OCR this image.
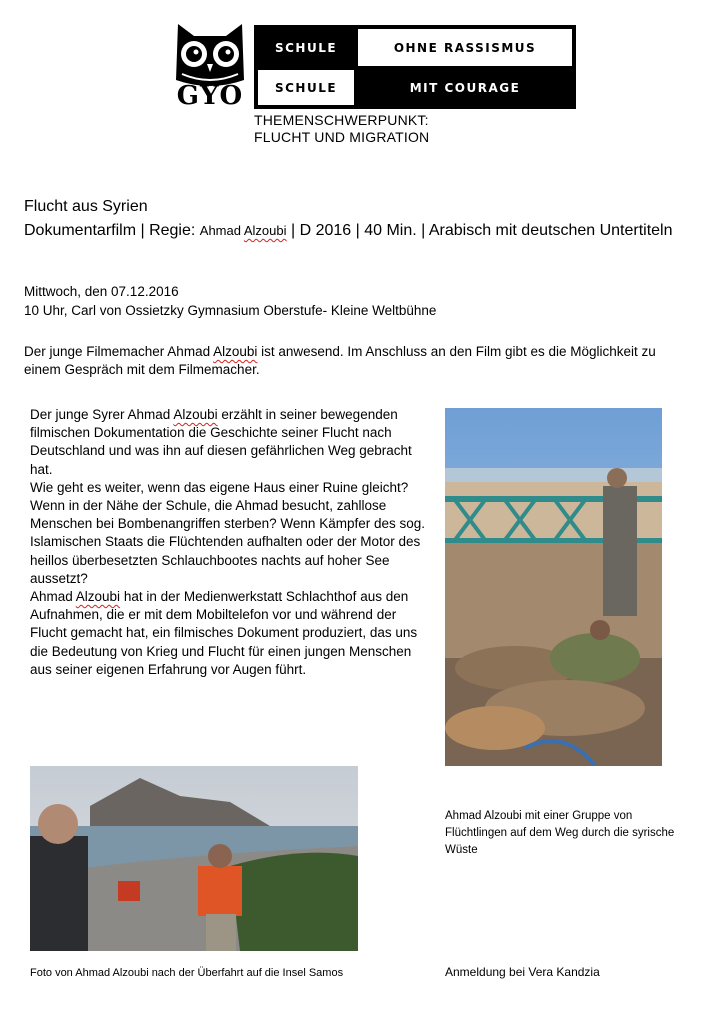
GYO
SCHULE	OHNE RASSISMUS
SCHULE	MIT COURAGE
THEMENSCHWERPUNKT:
FLUCHT UND MIGRATION
Flucht aus Syrien
Dokumentarfilm | Regie: Ahmad Alzoubi | D 2016 | 40 Min. | Arabisch mit deutschen Untertiteln
Mittwoch, den 07.12.2016
10 Uhr, Carl von Ossietzky Gymnasium Oberstufe- Kleine Weltbühne
Der junge Filmemacher Ahmad Alzoubi ist anwesend. Im Anschluss an den Film gibt es die Möglichkeit zu einem Gespräch mit dem Filmemacher.

Der junge Syrer Ahmad Alzoubi erzählt in seiner bewegenden filmischen Dokumentation die Geschichte seiner Flucht nach Deutschland und was ihn auf diesen gefährlichen Weg gebracht hat.

Wie geht es weiter, wenn das eigene Haus einer Ruine gleicht? Wenn in der Nähe der Schule, die Ahmad besucht, zahllose Menschen bei Bombenangriffen sterben? Wenn Kämpfer des sog. Islamischen Staats die Flüchtenden aufhalten oder der Motor des heillos überbesetzten Schlauchbootes nachts auf hoher See aussetzt?

Ahmad Alzoubi hat in der Medienwerkstatt Schlachthof aus den Aufnahmen, die er mit dem Mobiltelefon vor und während der Flucht gemacht hat, ein filmisches Dokument produziert, das uns die Bedeutung von Krieg und Flucht für einen jungen Menschen aus seiner eigenen Erfahrung vor Augen führt.

Ahmad Alzoubi mit einer Gruppe von Flüchtlingen auf dem Weg durch die syrische Wüste
Foto von Ahmad Alzoubi nach der Überfahrt auf die Insel Samos	Anmeldung bei Vera Kandzia
